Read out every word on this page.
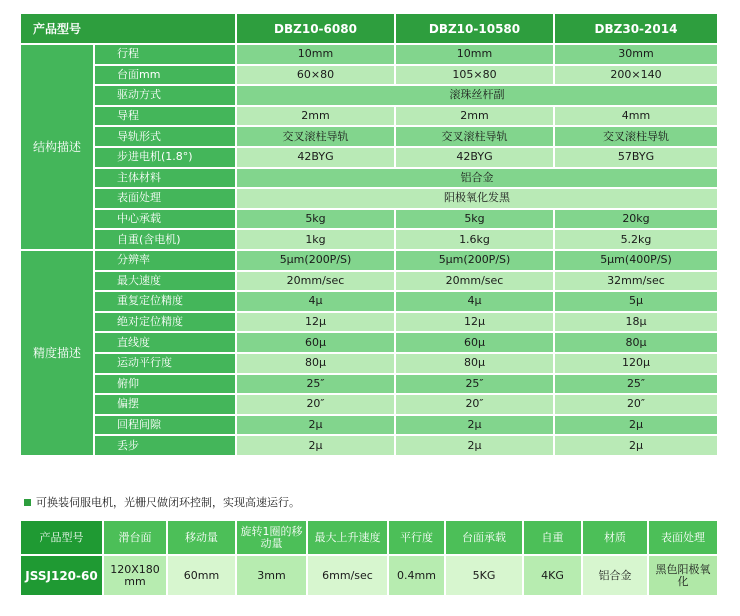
产品型号	DBZ10-6080	DBZ10-10580	DBZ30-2014
结构描述
行程	10mm	10mm	30mm
台面mm	60×80	105×80	200×140
驱动方式	滚珠丝杆副
导程	2mm	2mm	4mm
导轨形式	交叉滚柱导轨	交叉滚柱导轨	交叉滚柱导轨
步进电机(1.8°)	42BYG	42BYG	57BYG
主体材料	铝合金
表面处理	阳极氧化发黑
中心承载	5kg	5kg	20kg
自重(含电机)	1kg	1.6kg	5.2kg
精度描述
分辨率	5μm(200P/S)	5μm(200P/S)	5μm(400P/S)
最大速度	20mm/sec	20mm/sec	32mm/sec
重复定位精度	4μ	4μ	5μ
绝对定位精度	12μ	12μ	18μ
直线度	60μ	60μ	80μ
运动平行度	80μ	80μ	120μ
俯仰	25″	25″	25″
偏摆	20″	20″	20″
回程间隙	2μ	2μ	2μ
丢步	2μ	2μ	2μ
可换装伺服电机，光栅尺做闭环控制，实现高速运行。
产品型号	滑台面	移动量	旋转1圈的移动量	最大上升速度	平行度	台面承载	自重	材质	表面处理
JSSJ120-60	120X180 mm	60mm	3mm	6mm/sec	0.4mm	5KG	4KG	铝合金	黑色阳极氧化
